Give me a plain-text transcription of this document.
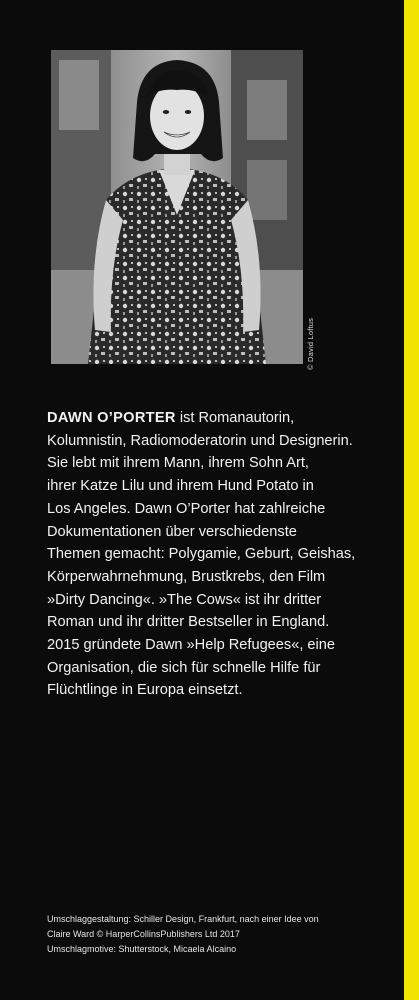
© David Loftus

DAWN O’PORTER ist Romanautorin,
Kolumnistin, Radiomoderatorin und Designerin.
Sie lebt mit ihrem Mann, ihrem Sohn Art,
ihrer Katze Lilu und ihrem Hund Potato in
Los Angeles. Dawn O’Porter hat zahlreiche
Dokumentationen über verschiedenste
Themen gemacht: Polygamie, Geburt, Geishas,
Körperwahrnehmung, Brustkrebs, den Film
»Dirty Dancing«. »The Cows« ist ihr dritter
Roman und ihr dritter Bestseller in England.
2015 gründete Dawn »Help Refugees«, eine
Organisation, die sich für schnelle Hilfe für
Flüchtlinge in Europa einsetzt.

Umschlaggestaltung: Schiller Design, Frankfurt, nach einer Idee von
Claire Ward © HarperCollinsPublishers Ltd 2017
Umschlagmotive: Shutterstock, Micaela Alcaino
